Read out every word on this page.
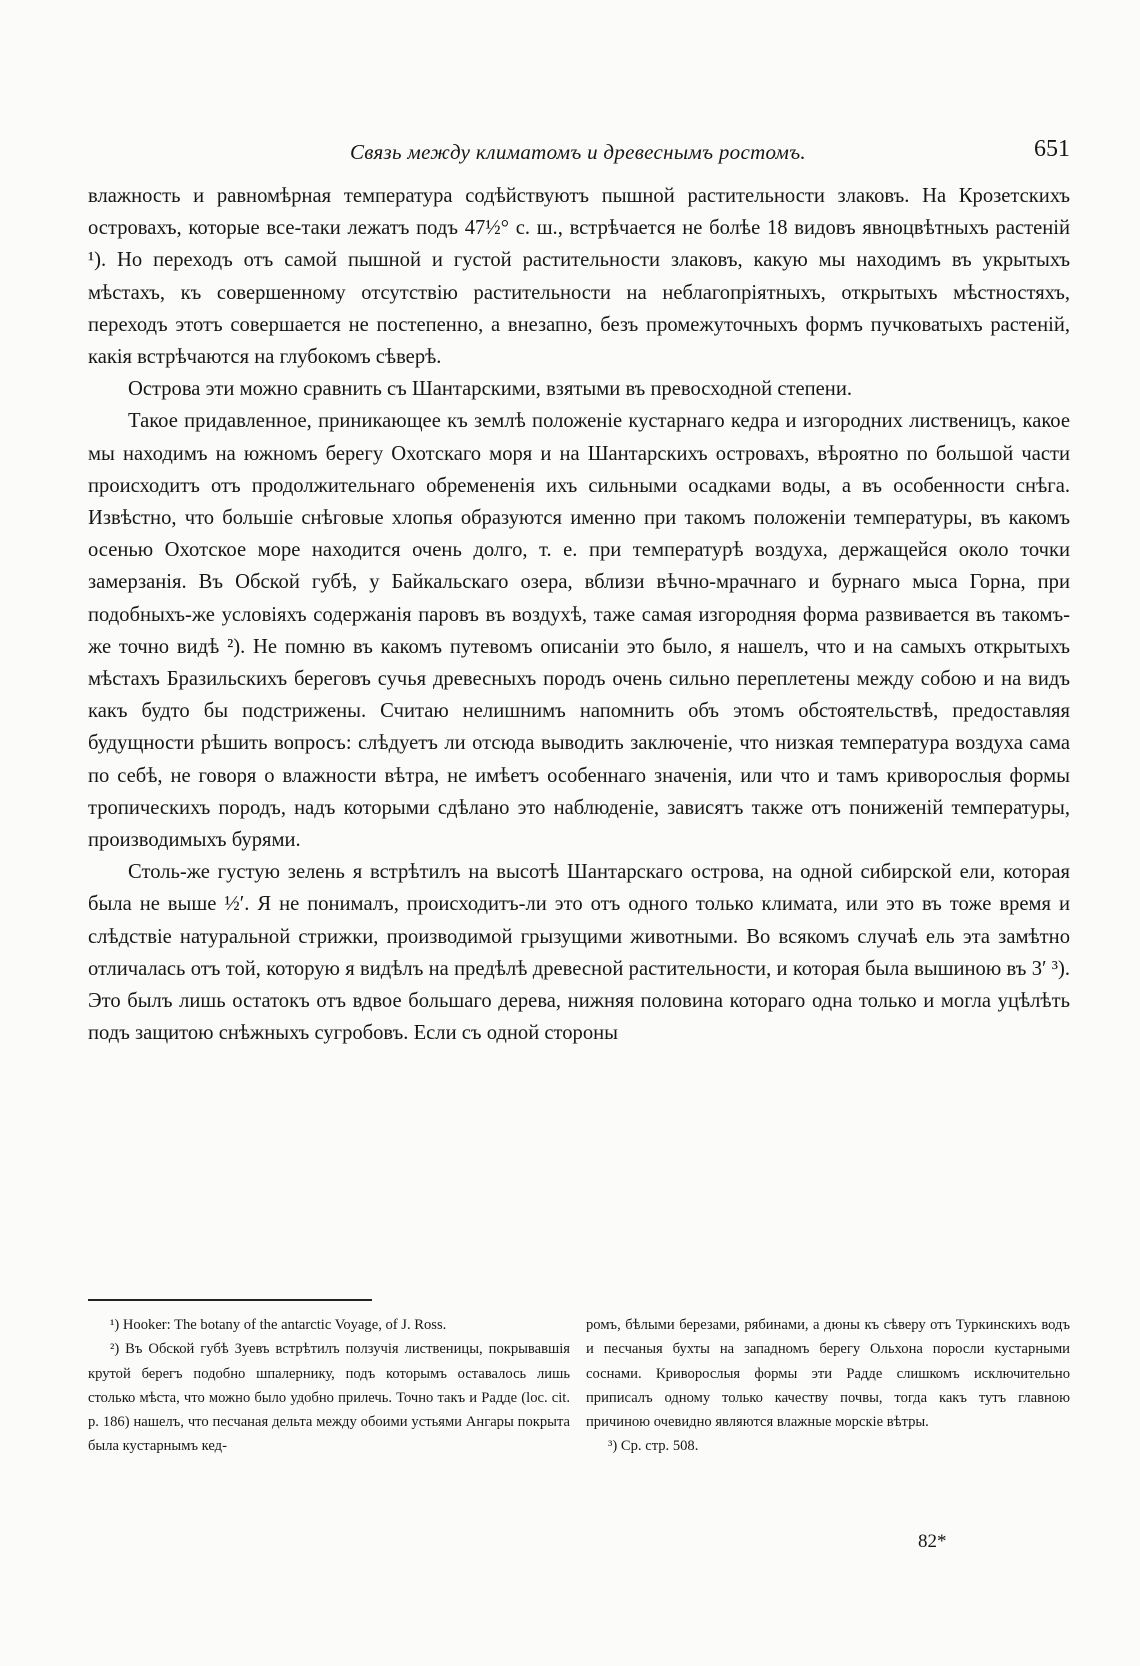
Связь между климатомъ и древеснымъ ростомъ.	651

влажность и равномѣрная температура содѣйствуютъ пышной растительности злаковъ. На Крозетскихъ островахъ, которые все-таки лежатъ подъ 47½° с. ш., встрѣчается не болѣе 18 видовъ явноцвѣтныхъ растеній ¹). Но переходъ отъ самой пышной и густой растительности злаковъ, какую мы находимъ въ укрытыхъ мѣстахъ, къ совершенному отсутствію растительности на неблагопріятныхъ, открытыхъ мѣстностяхъ, переходъ этотъ совершается не постепенно, а внезапно, безъ промежуточныхъ формъ пучковатыхъ растеній, какія встрѣчаются на глубокомъ сѣверѣ.

Острова эти можно сравнить съ Шантарскими, взятыми въ превосходной степени.

Такое придавленное, приникающее къ землѣ положеніе кустарнаго кедра и изгородних лиственицъ, какое мы находимъ на южномъ берегу Охотскаго моря и на Шантарскихъ островахъ, вѣроятно по большой части происходитъ отъ продолжительнаго обремененія ихъ сильными осадками воды, а въ особенности снѣга. Извѣстно, что большіе снѣговые хлопья образуются именно при такомъ положеніи температуры, въ какомъ осенью Охотское море находится очень долго, т. е. при температурѣ воздуха, держащейся около точки замерзанія. Въ Обской губѣ, у Байкальскаго озера, вблизи вѣчно-мрачнаго и бурнаго мыса Горна, при подобныхъ-же условіяхъ содержанія паровъ въ воздухѣ, таже самая изгородняя форма развивается въ такомъ-же точно видѣ ²). Не помню въ какомъ путевомъ описаніи это было, я нашелъ, что и на самыхъ открытыхъ мѣстахъ Бразильскихъ береговъ сучья древесныхъ породъ очень сильно переплетены между собою и на видъ какъ будто бы подстрижены. Считаю нелишнимъ напомнить объ этомъ обстоятельствѣ, предоставляя будущности рѣшить вопросъ: слѣдуетъ ли отсюда выводить заключеніе, что низкая температура воздуха сама по себѣ, не говоря о влажности вѣтра, не имѣетъ особеннаго значенія, или что и тамъ криворослыя формы тропическихъ породъ, надъ которыми сдѣлано это наблюденіе, зависятъ также отъ пониженій температуры, производимыхъ бурями.

Столь-же густую зелень я встрѣтилъ на высотѣ Шантарскаго острова, на одной сибирской ели, которая была не выше ½′. Я не понималъ, происходитъ-ли это отъ одного только климата, или это въ тоже время и слѣдствіе натуральной стрижки, производимой грызущими животными. Во всякомъ случаѣ ель эта замѣтно отличалась отъ той, которую я видѣлъ на предѣлѣ древесной растительности, и которая была вышиною въ 3′ ³). Это былъ лишь остатокъ отъ вдвое большаго дерева, нижняя половина котораго одна только и могла уцѣлѣть подъ защитою снѣжныхъ сугробовъ. Если съ одной стороны

¹) Hooker: The botany of the antarctic Voyage, of J. Ross.

²) Въ Обской губѣ Зуевъ встрѣтилъ ползучія лиственицы, покрывавшія крутой берегъ подобно шпалернику, подъ которымъ оставалось лишь столько мѣста, что можно было удобно прилечь. Точно такъ и Радде (loc. cit. p. 186) нашелъ, что песчаная дельта между обоими устьями Ангары покрыта была кустарнымъ кед-

ромъ, бѣлыми березами, рябинами, а дюны къ сѣверу отъ Туркинскихъ водъ и песчаныя бухты на западномъ берегу Ольхона поросли кустарными соснами. Криворослыя формы эти Радде слишкомъ исключительно приписалъ одному только качеству почвы, тогда какъ тутъ главною причиною очевидно являются влажные морскіе вѣтры.

³) Ср. стр. 508.

82*
